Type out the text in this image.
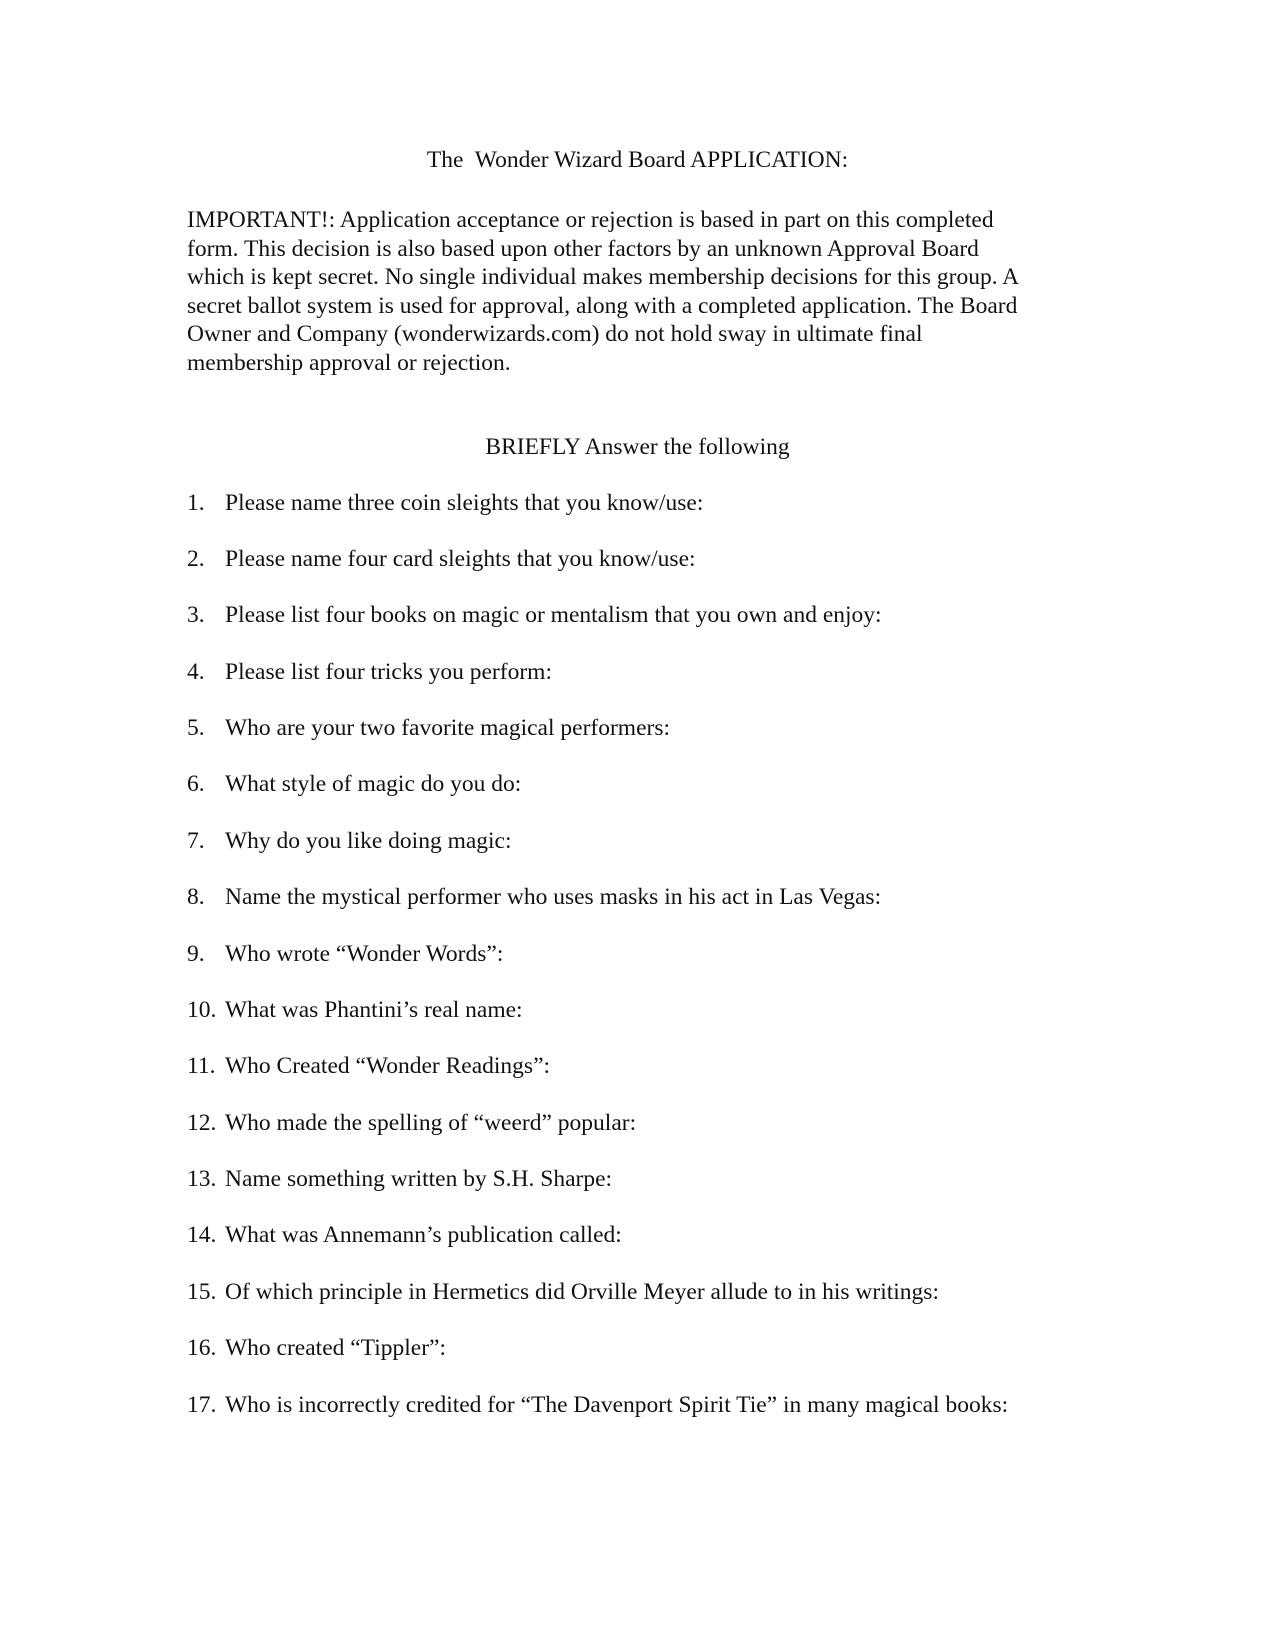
The  Wonder Wizard Board APPLICATION:
IMPORTANT!: Application acceptance or rejection is based in part on this completed
form. This decision is also based upon other factors by an unknown Approval Board
which is kept secret. No single individual makes membership decisions for this group. A
secret ballot system is used for approval, along with a completed application. The Board
Owner and Company (wonderwizards.com) do not hold sway in ultimate final
membership approval or rejection.
BRIEFLY Answer the following
1. Please name three coin sleights that you know/use:
2. Please name four card sleights that you know/use:
3. Please list four books on magic or mentalism that you own and enjoy:
4. Please list four tricks you perform:
5. Who are your two favorite magical performers:
6. What style of magic do you do:
7. Why do you like doing magic:
8. Name the mystical performer who uses masks in his act in Las Vegas:
9. Who wrote “Wonder Words”:
10. What was Phantini’s real name:
11. Who Created “Wonder Readings”:
12. Who made the spelling of “weerd” popular:
13. Name something written by S.H. Sharpe:
14. What was Annemann’s publication called:
15. Of which principle in Hermetics did Orville Meyer allude to in his writings:
16. Who created “Tippler”:
17. Who is incorrectly credited for “The Davenport Spirit Tie” in many magical books:
